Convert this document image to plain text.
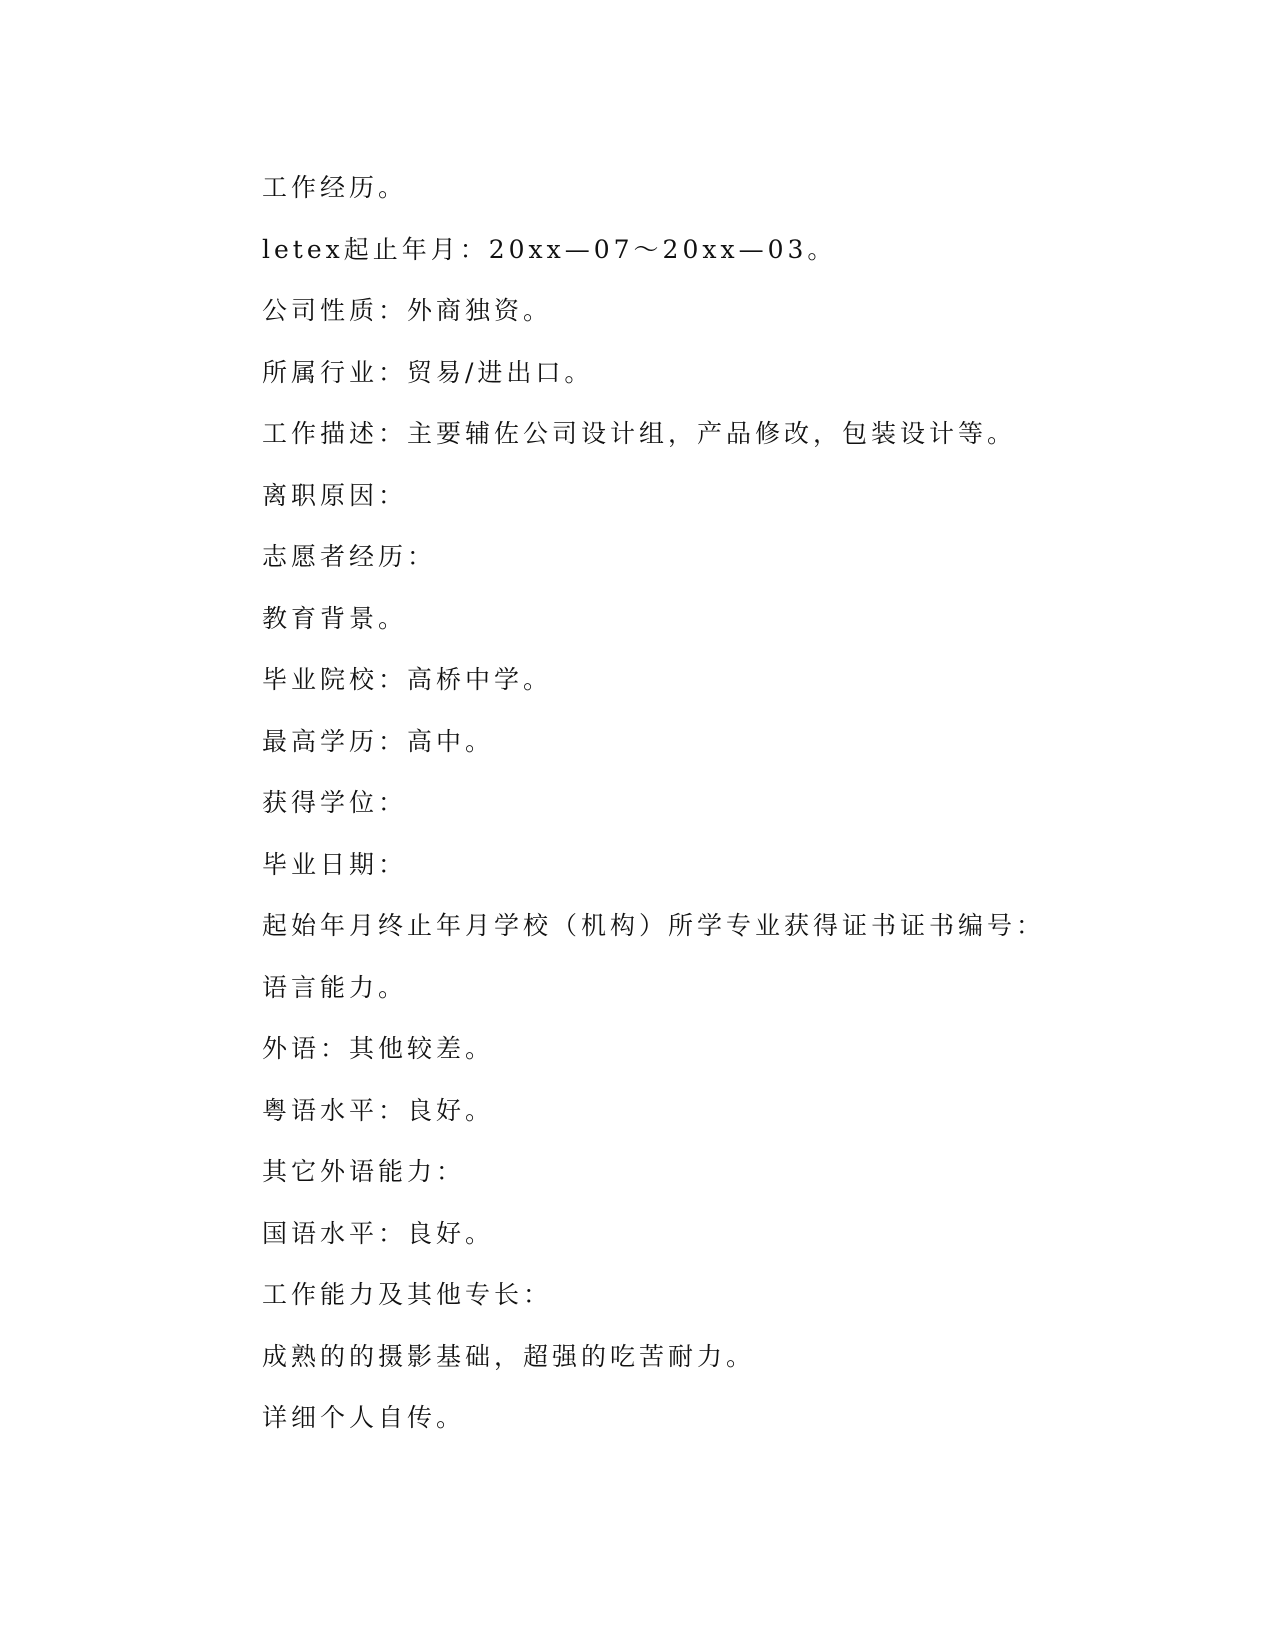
工作经历。
letex起止年月：20xx—07～20xx—03。
公司性质：外商独资。
所属行业：贸易/进出口。
工作描述：主要辅佐公司设计组，产品修改，包装设计等。
离职原因：
志愿者经历：
教育背景。
毕业院校：高桥中学。
最高学历：高中。
获得学位：
毕业日期：
起始年月终止年月学校（机构）所学专业获得证书证书编号：
语言能力。
外语：其他较差。
粤语水平：良好。
其它外语能力：
国语水平：良好。
工作能力及其他专长：
成熟的的摄影基础，超强的吃苦耐力。
详细个人自传。
